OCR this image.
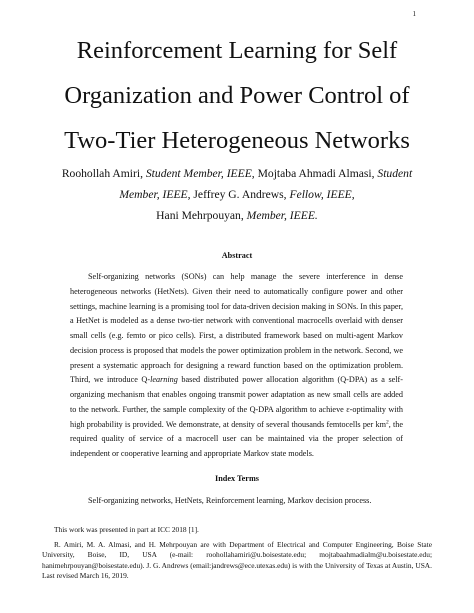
1
Reinforcement Learning for Self
Organization and Power Control of
Two-Tier Heterogeneous Networks
Roohollah Amiri, Student Member, IEEE, Mojtaba Ahmadi Almasi, Student
Member, IEEE, Jeffrey G. Andrews, Fellow, IEEE,
Hani Mehrpouyan, Member, IEEE.
Abstract
Self-organizing networks (SONs) can help manage the severe interference in dense heterogeneous networks (HetNets). Given their need to automatically configure power and other settings, machine learning is a promising tool for data-driven decision making in SONs. In this paper, a HetNet is modeled as a dense two-tier network with conventional macrocells overlaid with denser small cells (e.g. femto or pico cells). First, a distributed framework based on multi-agent Markov decision process is proposed that models the power optimization problem in the network. Second, we present a systematic approach for designing a reward function based on the optimization problem. Third, we introduce Q-learning based distributed power allocation algorithm (Q-DPA) as a self-organizing mechanism that enables ongoing transmit power adaptation as new small cells are added to the network. Further, the sample complexity of the Q-DPA algorithm to achieve ε-optimality with high probability is provided. We demonstrate, at density of several thousands femtocells per $km^2$, the required quality of service of a macrocell user can be maintained via the proper selection of independent or cooperative learning and appropriate Markov state models.
Index Terms
Self-organizing networks, HetNets, Reinforcement learning, Markov decision process.

This work was presented in part at ICC 2018 [1].

R. Amiri, M. A. Almasi, and H. Mehrpouyan are with Department of Electrical and Computer Engineering, Boise State University, Boise, ID, USA (e-mail: roohollahamiri@u.boisestate.edu; mojtabaahmadialm@u.boisestate.edu; hanimehrpouyan@boisestate.edu). J. G. Andrews (email:jandrews@ece.utexas.edu) is with the University of Texas at Austin, USA. Last revised March 16, 2019.
